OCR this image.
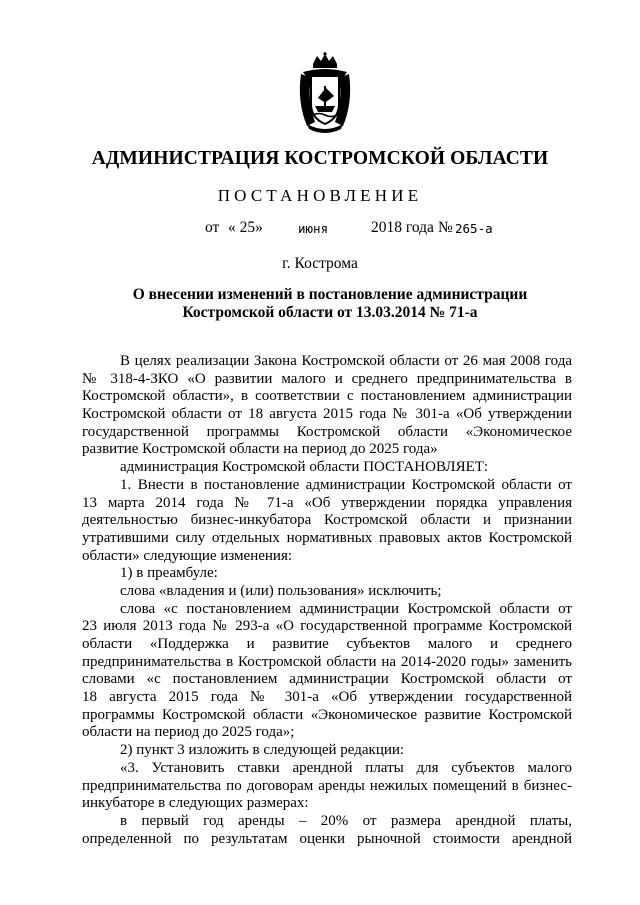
АДМИНИСТРАЦИЯ КОСТРОМСКОЙ ОБЛАСТИ
ПОСТАНОВЛЕНИЕ
от « 25»	июня	2018 года № 265-а
г. Кострома
О внесении изменений в постановление администрации
Костромской области от 13.03.2014 № 71-а
В целях реализации Закона Костромской области от 26 мая 2008 года
№ 318-4-ЗКО «О развитии малого и среднего предпринимательства в
Костромской области», в соответствии с постановлением администрации
Костромской области от 18 августа 2015 года № 301-а «Об утверждении
государственной программы Костромской области «Экономическое
развитие Костромской области на период до 2025 года»
администрация Костромской области ПОСТАНОВЛЯЕТ:
1. Внести в постановление администрации Костромской области от
13 марта 2014 года № 71-а «Об утверждении порядка управления
деятельностью бизнес-инкубатора Костромской области и признании
утратившими силу отдельных нормативных правовых актов Костромской
области» следующие изменения:
1) в преамбуле:
слова «владения и (или) пользования» исключить;
слова «с постановлением администрации Костромской области от
23 июля 2013 года № 293-а «О государственной программе Костромской
области «Поддержка и развитие субъектов малого и среднего
предпринимательства в Костромской области на 2014-2020 годы» заменить
словами «с постановлением администрации Костромской области от
18 августа 2015 года № 301-а «Об утверждении государственной
программы Костромской области «Экономическое развитие Костромской
области на период до 2025 года»;
2) пункт 3 изложить в следующей редакции:
«3. Установить ставки арендной платы для субъектов малого
предпринимательства по договорам аренды нежилых помещений в бизнес-
инкубаторе в следующих размерах:
в первый год аренды – 20% от размера арендной платы,
определенной по результатам оценки рыночной стоимости арендной
